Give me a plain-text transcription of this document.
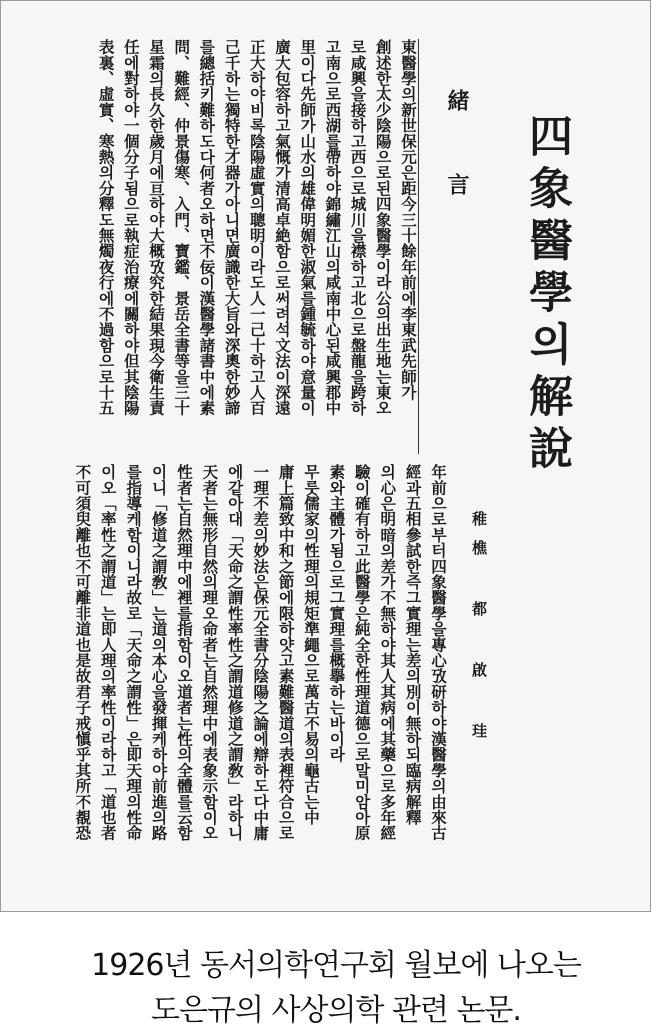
四象醫學의解說
稚樵 都 啟 珪
緒 言
東醫學의新世保元은距今三十餘年前에李東武先師가
創述한太少陰陽으로된四象醫學이라公의出生地는東오
로咸興을接하고西으로城川을襟하고北으로盤龍을跨하
고南으로西湖를帶하야錦繡江山의咸南中心된咸興郡中
里이다先師가山水의雄偉明媚한淑氣를鍾毓하야意量이
廣大包容하고氣慨가清高卓絶함으로써려석文法이深遠
正大하야비록陰陽虛實의聰明이라도人一己十하고人百
己千하는獨特한才器가아니면廣識한大旨와深奧한妙諦
를總括키難하도다何者오하면不佞이漢醫學諸書中에素
問、難經、仲景傷寒、入門、寶鑑、景岳全書等을三十
星霜의長久한歲月에亘하야大概攷究한結果現今衛生責
任에對하야一個分子됨으로執症治療에關하야但其陰陽
表裏、虛實、寒熱의分釋도無燭夜行에不過함으로十五
年前으로부터四象醫學을專心攷研하야漢醫學의由來古
經과五相參試한즉그實理는差의別이無하되臨病解釋
의心은明暗의差가不無하야其人其病에其藥으로多年經
驗이確有하고此醫學은純全한性理道德으로말미암아原
素와主體가됨으로그實理를概擧하는바이라
무룻儒家의性理의規矩準繩으로萬古不易의龜古는中
庸上篇致中和之節에限하얏고素難醫道의表裡符合으로
一理不差의妙法은保元全書分陰陽之論에辯하도다中庸
에같아대「天命之謂性率性之謂道修道之謂敎」라하니
天者는無形自然의理오命者는自然理中에表象示함이오
性者는自然理中에裡를指함이오道者는性의全體를云함
이니「修道之謂敎」는道의本心을發揮케하야前進의路
를指導케함이니라故로「天命之謂性」은即天理의性命
이오「率性之謂道」는即人理의率性이라하고「道也者
不可須臾離也不可離非道也是故君子戒愼乎其所不覩恐
1926년 동서의학연구회 월보에 나오는
도은규의 사상의학 관련 논문.
